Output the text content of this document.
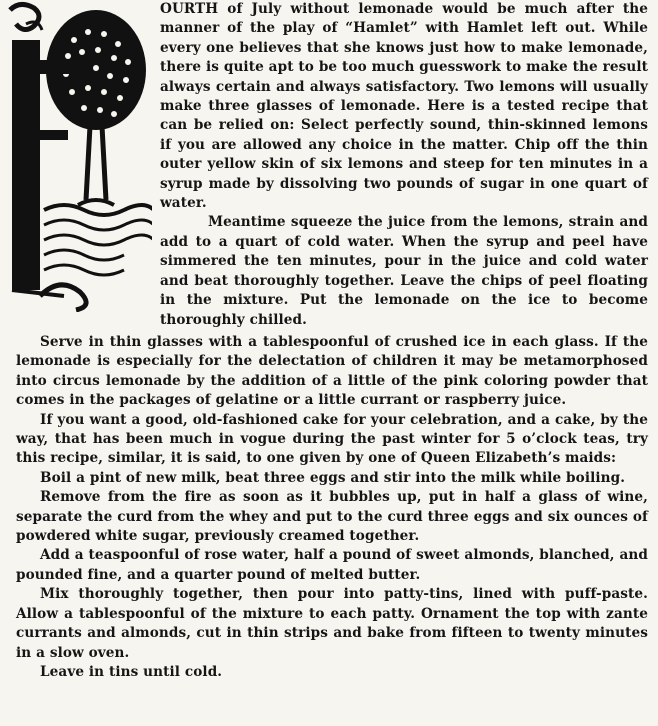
OURTH of July without lemonade would be much after the manner of the play of “Hamlet” with Hamlet left out. While every one believes that she knows just how to make lemonade, there is quite apt to be too much guesswork to make the result always certain and always satisfactory. Two lemons will usually make three glasses of lemonade. Here is a tested recipe that can be relied on: Select perfectly sound, thin-skinned lemons if you are allowed any choice in the matter. Chip off the thin outer yellow skin of six lemons and steep for ten minutes in a syrup made by dissolving two pounds of sugar in one quart of water.

Meantime squeeze the juice from the lemons, strain and add to a quart of cold water. When the syrup and peel have simmered the ten minutes, pour in the juice and cold water and beat thoroughly together. Leave the chips of peel floating in the mixture. Put the lemonade on the ice to become thoroughly chilled.

Serve in thin glasses with a tablespoonful of crushed ice in each glass. If the lemonade is especially for the delectation of children it may be metamorphosed into circus lemonade by the addition of a little of the pink coloring powder that comes in the packages of gelatine or a little currant or raspberry juice.

If you want a good, old-fashioned cake for your celebration, and a cake, by the way, that has been much in vogue during the past winter for 5 o’clock teas, try this recipe, similar, it is said, to one given by one of Queen Elizabeth’s maids:

Boil a pint of new milk, beat three eggs and stir into the milk while boiling.

Remove from the fire as soon as it bubbles up, put in half a glass of wine, separate the curd from the whey and put to the curd three eggs and six ounces of powdered white sugar, previously creamed together.

Add a teaspoonful of rose water, half a pound of sweet almonds, blanched, and pounded fine, and a quarter pound of melted butter.

Mix thoroughly together, then pour into patty-tins, lined with puff-paste. Allow a tablespoonful of the mixture to each patty. Ornament the top with zante currants and almonds, cut in thin strips and bake from fifteen to twenty minutes in a slow oven.

Leave in tins until cold.
